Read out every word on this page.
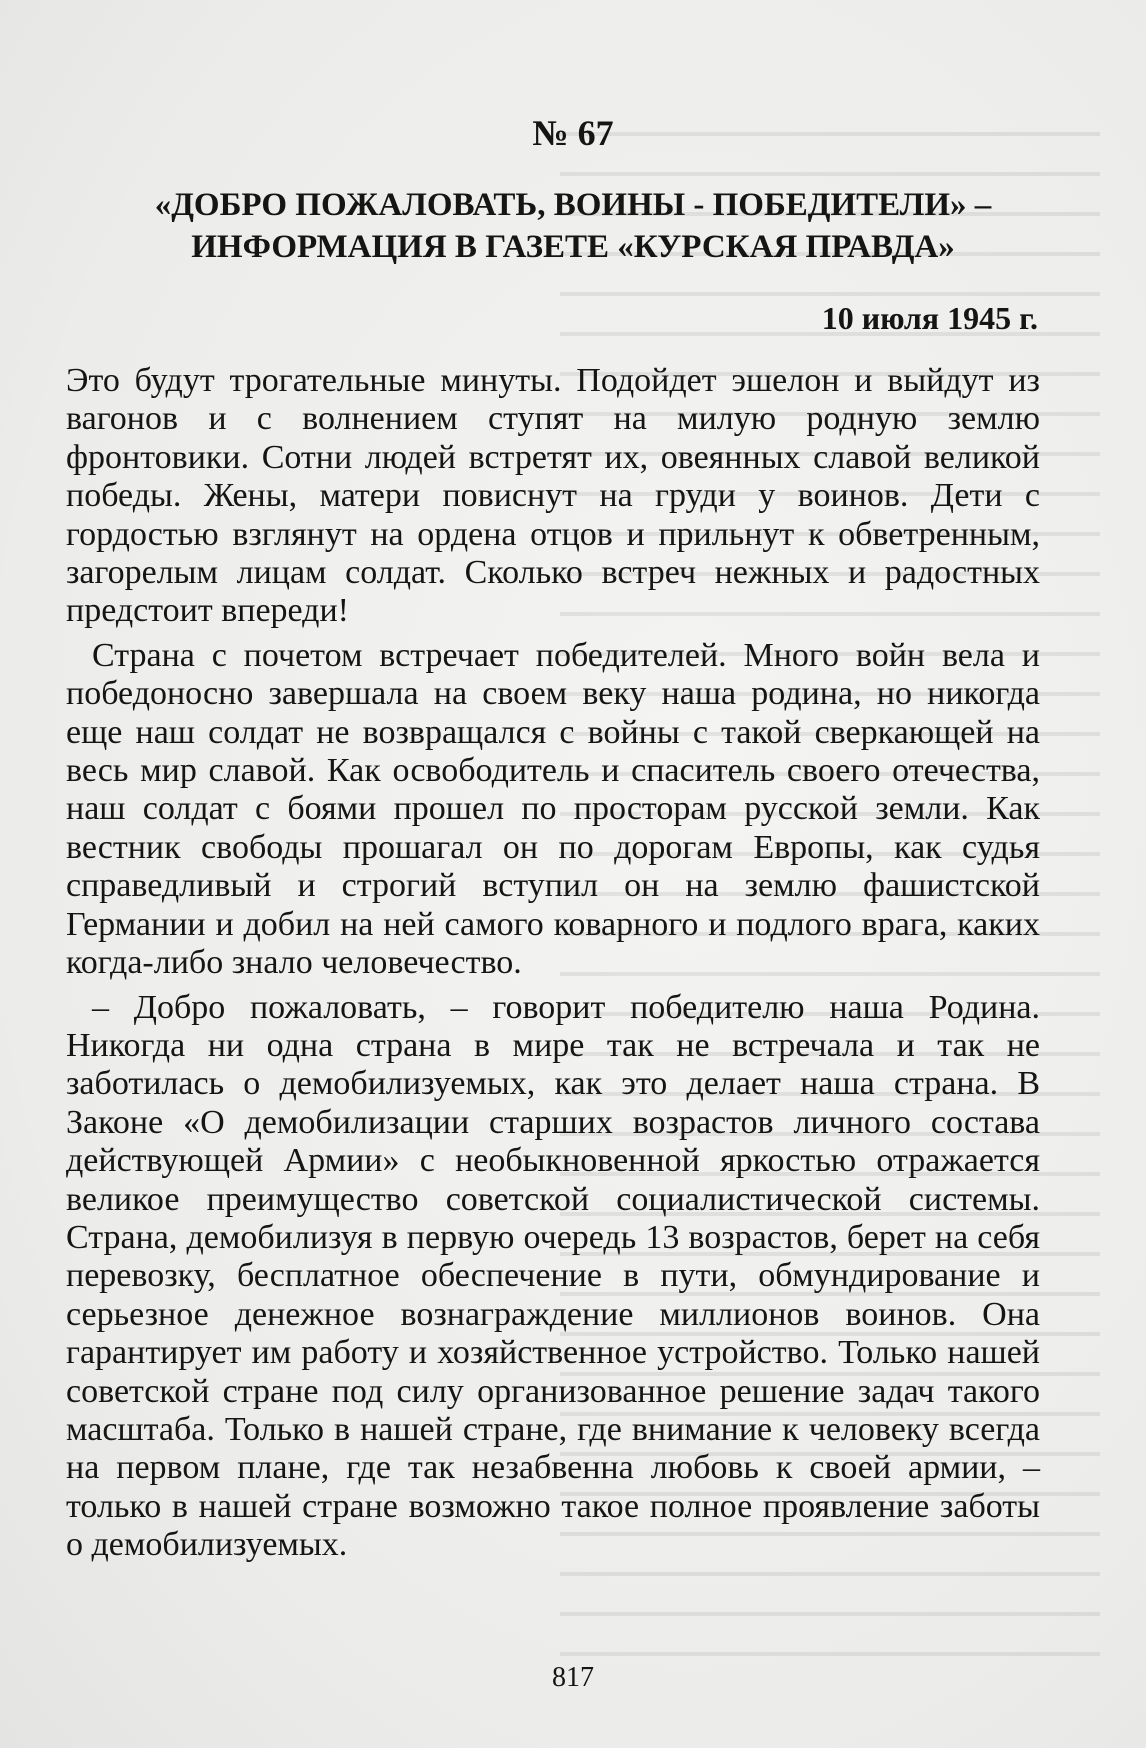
№ 67
«ДОБРО ПОЖАЛОВАТЬ, ВОИНЫ - ПОБЕДИТЕЛИ» –
ИНФОРМАЦИЯ В ГАЗЕТЕ «КУРСКАЯ ПРАВДА»
10 июля 1945 г.

Это будут трогательные минуты. Подойдет эшелон и выйдут из вагонов и с волнением ступят на милую родную землю фронтовики. Сотни людей встретят их, овеянных славой великой победы. Жены, матери повиснут на груди у воинов. Дети с гордостью взглянут на ордена отцов и прильнут к обветренным, загорелым лицам солдат. Сколько встреч нежных и радостных предстоит впереди!

Страна с почетом встречает победителей. Много войн вела и победоносно завершала на своем веку наша родина, но никогда еще наш солдат не возвращался с войны с такой сверкающей на весь мир славой. Как освободитель и спаситель своего отечества, наш солдат с боями прошел по просторам русской земли. Как вестник свободы прошагал он по дорогам Европы, как судья справедливый и строгий вступил он на землю фашистской Германии и добил на ней самого коварного и подлого врага, каких когда-либо знало человечество.

– Добро пожаловать, – говорит победителю наша Родина. Никогда ни одна страна в мире так не встречала и так не заботилась о демобилизуемых, как это делает наша страна. В Законе «О демобилизации старших возрастов личного состава действующей Армии» с необыкновенной яркостью отражается великое преимущество советской социалистической системы. Страна, демобилизуя в первую очередь 13 возрастов, берет на себя перевозку, бесплатное обеспечение в пути, обмундирование и серьезное денежное вознаграждение миллионов воинов. Она гарантирует им работу и хозяйственное устройство. Только нашей советской стране под силу организованное решение задач такого масштаба. Только в нашей стране, где внимание к человеку всегда на первом плане, где так незабвенна любовь к своей армии, – только в нашей стране возможно такое полное проявление заботы о демобилизуемых.

817
